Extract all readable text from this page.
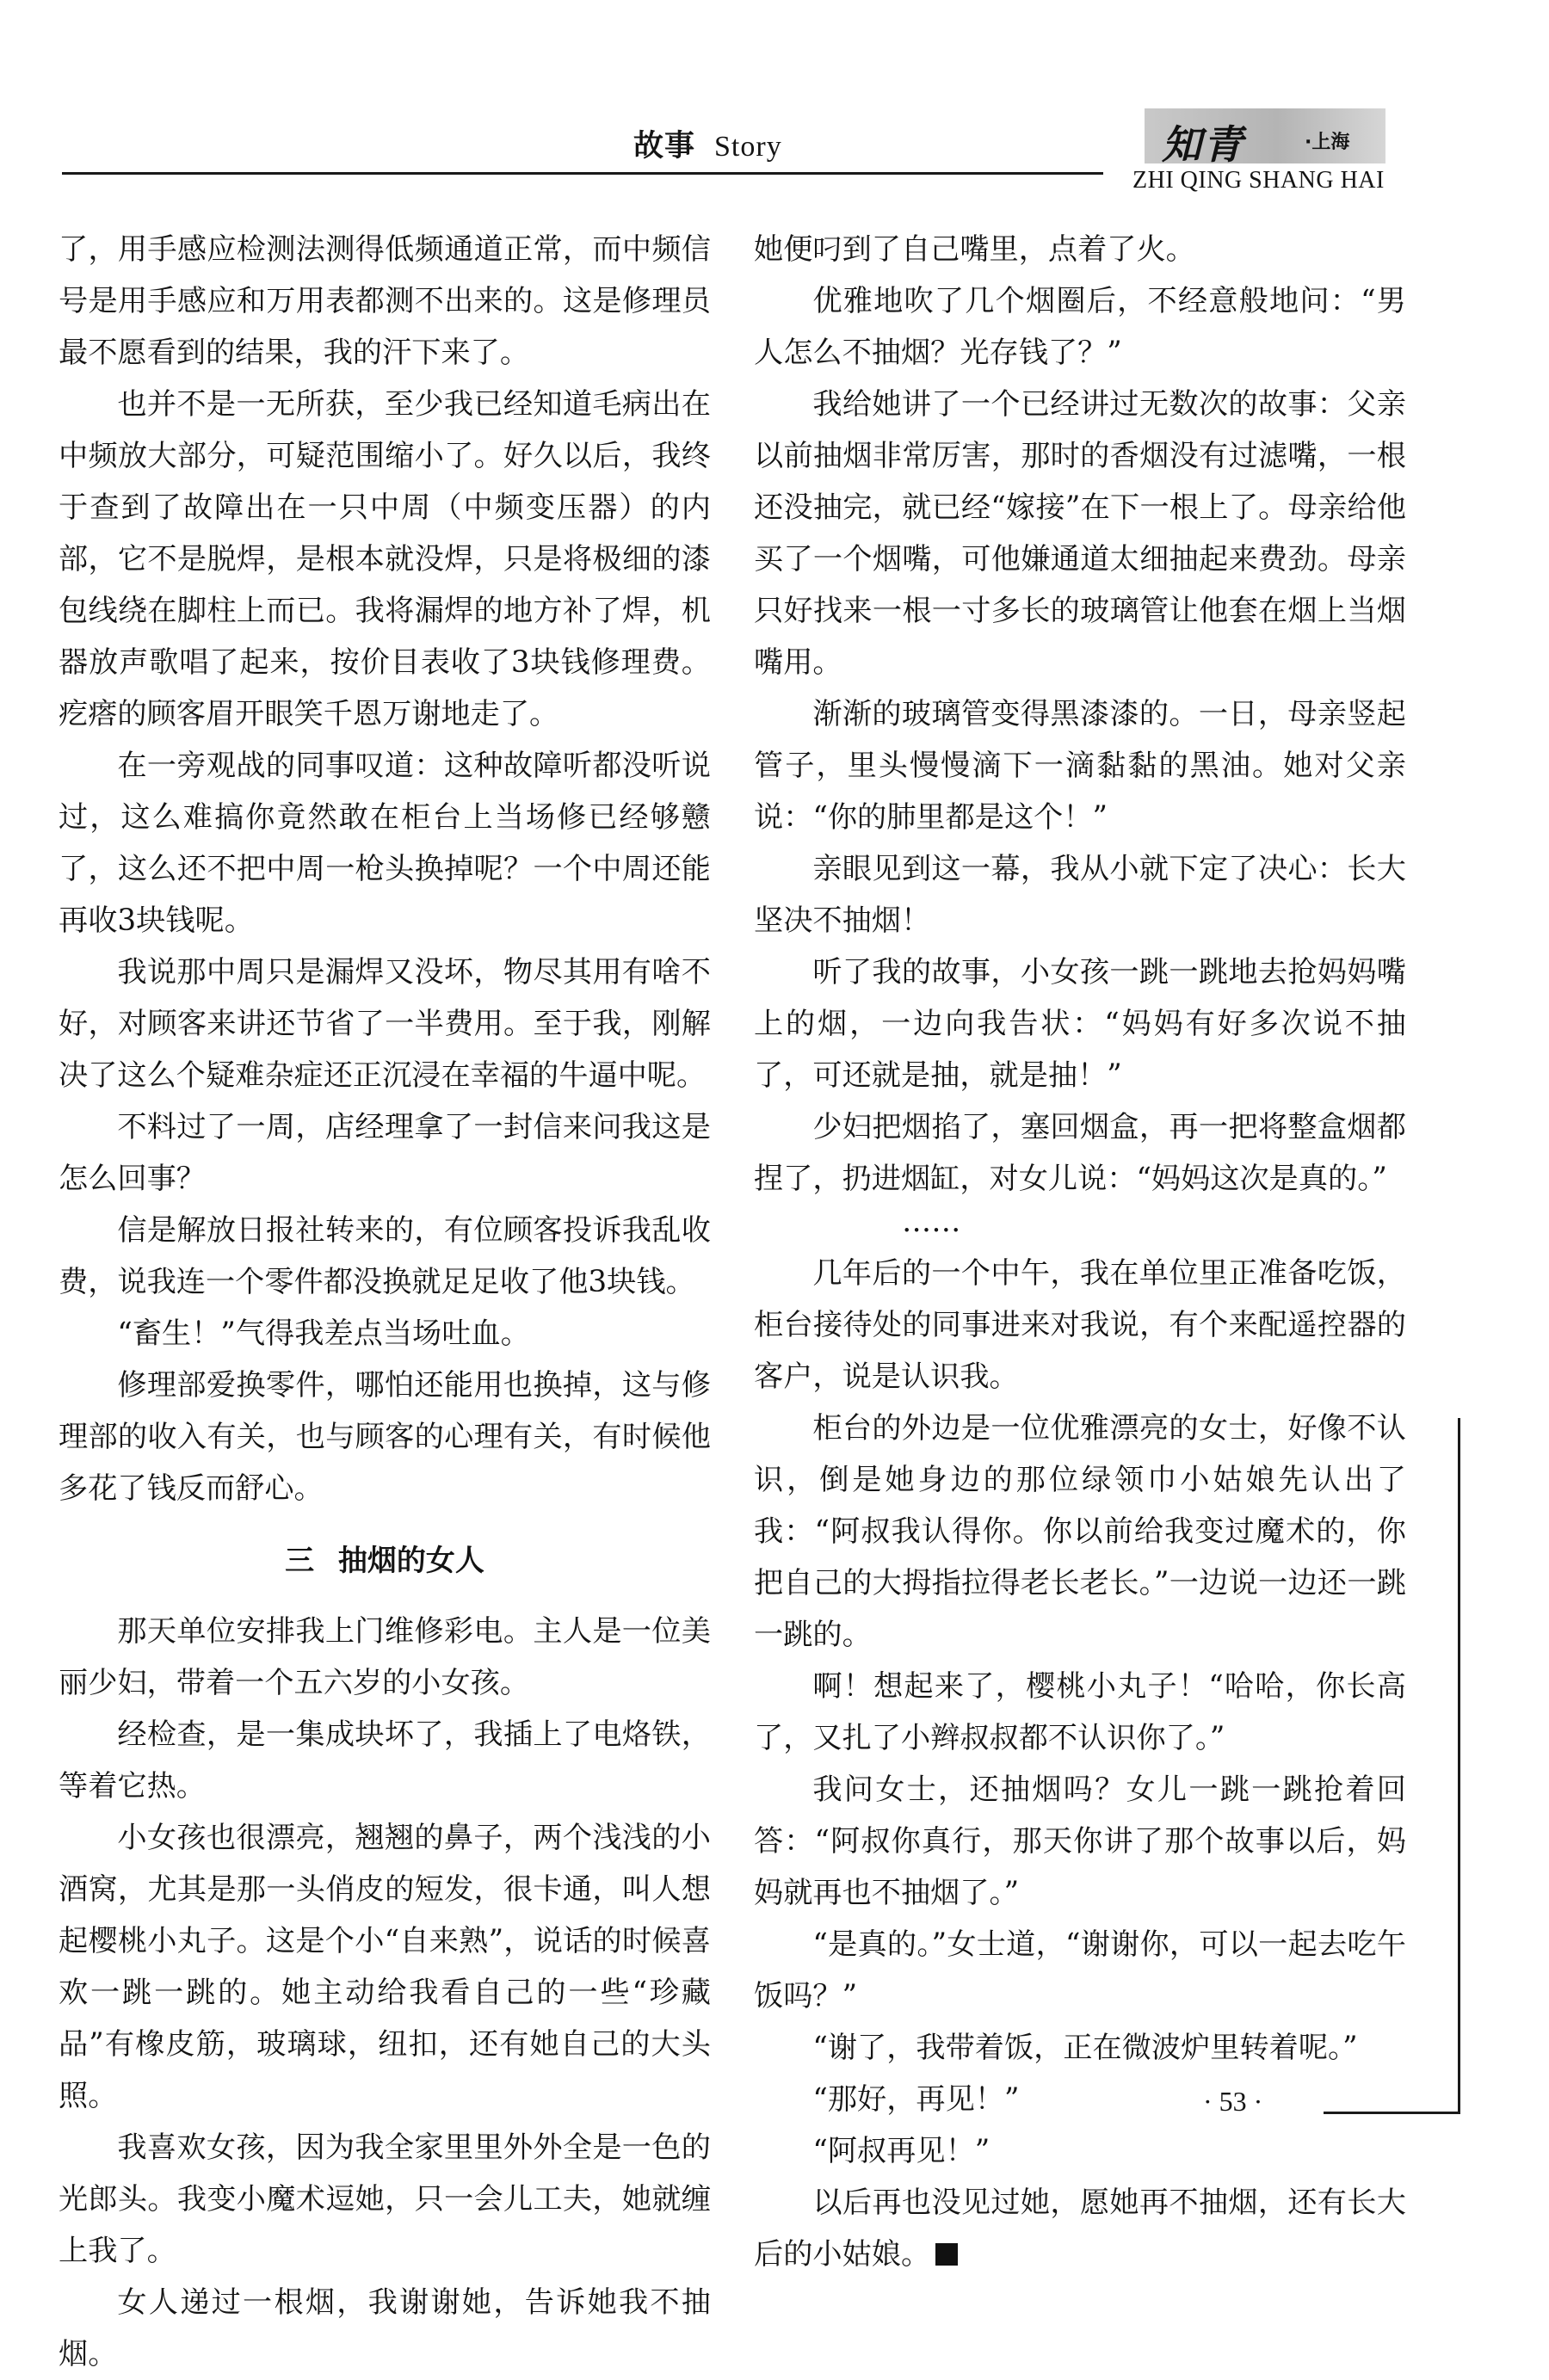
故事 Story	知青	·上海
ZHI QING SHANG HAI

了，用手感应检测法测得低频通道正常，而中频信号是用手感应和万用表都测不出来的。这是修理员最不愿看到的结果，我的汗下来了。

也并不是一无所获，至少我已经知道毛病出在中频放大部分，可疑范围缩小了。好久以后，我终于查到了故障出在一只中周（中频变压器）的内部，它不是脱焊，是根本就没焊，只是将极细的漆包线绕在脚柱上而已。我将漏焊的地方补了焊，机器放声歌唱了起来，按价目表收了3块钱修理费。疙瘩的顾客眉开眼笑千恩万谢地走了。

在一旁观战的同事叹道：这种故障听都没听说过，这么难搞你竟然敢在柜台上当场修已经够戆了，这么还不把中周一枪头换掉呢？一个中周还能再收3块钱呢。

我说那中周只是漏焊又没坏，物尽其用有啥不好，对顾客来讲还节省了一半费用。至于我，刚解决了这么个疑难杂症还正沉浸在幸福的牛逼中呢。

不料过了一周，店经理拿了一封信来问我这是怎么回事？

信是解放日报社转来的，有位顾客投诉我乱收费，说我连一个零件都没换就足足收了他3块钱。

“畜生！”气得我差点当场吐血。

修理部爱换零件，哪怕还能用也换掉，这与修理部的收入有关，也与顾客的心理有关，有时候他多花了钱反而舒心。

三 抽烟的女人

那天单位安排我上门维修彩电。主人是一位美丽少妇，带着一个五六岁的小女孩。

经检查，是一集成块坏了，我插上了电烙铁，等着它热。

小女孩也很漂亮，翘翘的鼻子，两个浅浅的小酒窝，尤其是那一头俏皮的短发，很卡通，叫人想起樱桃小丸子。这是个小“自来熟”，说话的时候喜欢一跳一跳的。她主动给我看自己的一些“珍藏品”有橡皮筋，玻璃球，纽扣，还有她自己的大头照。

我喜欢女孩，因为我全家里里外外全是一色的光郎头。我变小魔术逗她，只一会儿工夫，她就缠上我了。

女人递过一根烟，我谢谢她，告诉她我不抽烟。

她便叼到了自己嘴里，点着了火。

优雅地吹了几个烟圈后，不经意般地问：“男人怎么不抽烟？光存钱了？”

我给她讲了一个已经讲过无数次的故事：父亲以前抽烟非常厉害，那时的香烟没有过滤嘴，一根还没抽完，就已经“嫁接”在下一根上了。母亲给他买了一个烟嘴，可他嫌通道太细抽起来费劲。母亲只好找来一根一寸多长的玻璃管让他套在烟上当烟嘴用。

渐渐的玻璃管变得黑漆漆的。一日，母亲竖起管子，里头慢慢滴下一滴黏黏的黑油。她对父亲说：“你的肺里都是这个！”

亲眼见到这一幕，我从小就下定了决心：长大坚决不抽烟！

听了我的故事，小女孩一跳一跳地去抢妈妈嘴上的烟，一边向我告状：“妈妈有好多次说不抽了，可还就是抽，就是抽！”

少妇把烟掐了，塞回烟盒，再一把将整盒烟都捏了，扔进烟缸，对女儿说：“妈妈这次是真的。”

……

几年后的一个中午，我在单位里正准备吃饭，柜台接待处的同事进来对我说，有个来配遥控器的客户，说是认识我。

柜台的外边是一位优雅漂亮的女士，好像不认识，倒是她身边的那位绿领巾小姑娘先认出了我：“阿叔我认得你。你以前给我变过魔术的，你把自己的大拇指拉得老长老长。”一边说一边还一跳一跳的。

啊！想起来了，樱桃小丸子！“哈哈，你长高了，又扎了小辫叔叔都不认识你了。”

我问女士，还抽烟吗？女儿一跳一跳抢着回答：“阿叔你真行，那天你讲了那个故事以后，妈妈就再也不抽烟了。”

“是真的。”女士道，“谢谢你，可以一起去吃午饭吗？”

“谢了，我带着饭，正在微波炉里转着呢。”

“那好，再见！”

“阿叔再见！”

以后再也没见过她，愿她再不抽烟，还有长大后的小姑娘。

· 53 ·
